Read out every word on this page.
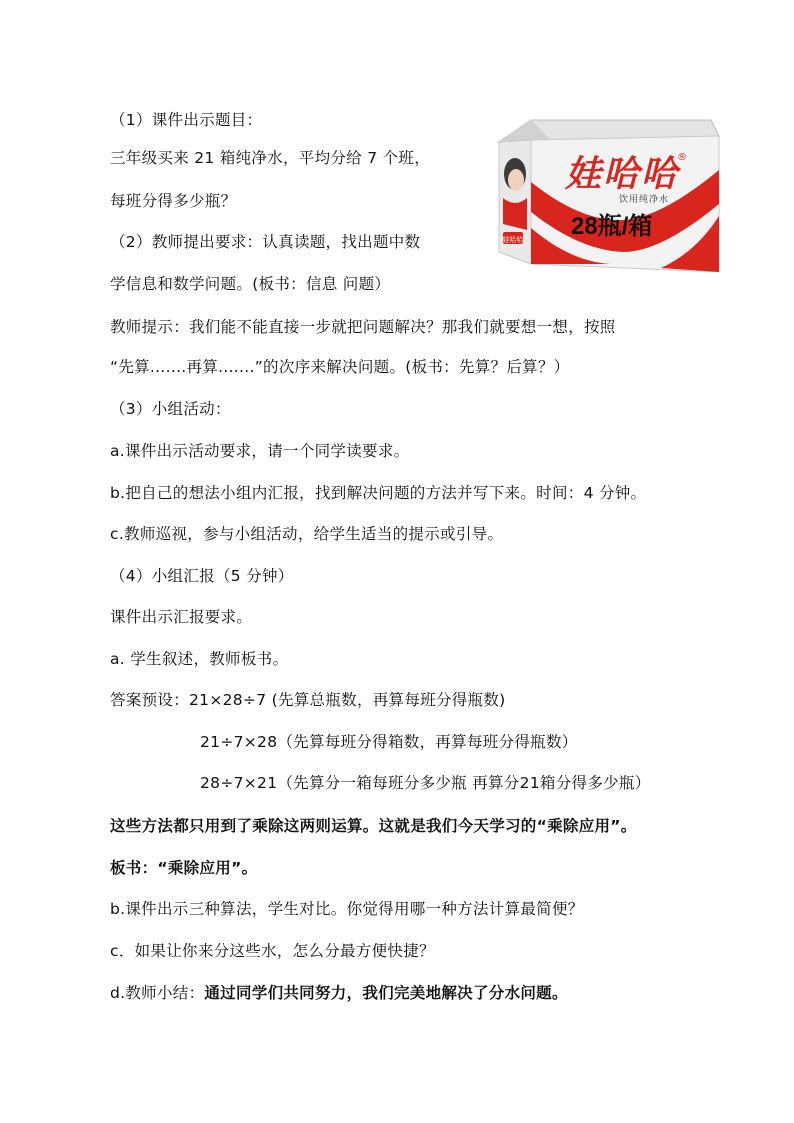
（1）课件出示题目：
三年级买来 21 箱纯净水，平均分给 7 个班，
每班分得多少瓶？
（2）教师提出要求：认真读题，找出题中数
学信息和数学问题。(板书：信息 问题）
教师提示：我们能不能直接一步就把问题解决？那我们就要想一想，按照
“先算.......再算.......”的次序来解决问题。(板书：先算？后算？）
（3）小组活动：
a.课件出示活动要求，请一个同学读要求。
b.把自己的想法小组内汇报，找到解决问题的方法并写下来。时间：4 分钟。
c.教师巡视，参与小组活动，给学生适当的提示或引导。
（4）小组汇报（5 分钟）
课件出示汇报要求。
a. 学生叙述，教师板书。
答案预设：21×28÷7 (先算总瓶数，再算每班分得瓶数)
21÷7×28（先算每班分得箱数，再算每班分得瓶数）
28÷7×21（先算分一箱每班分多少瓶 再算分21箱分得多少瓶）
这些方法都只用到了乘除这两则运算。这就是我们今天学习的“乘除应用”。
板书：“乘除应用”。
b.课件出示三种算法，学生对比。你觉得用哪一种方法计算最简便？
c．如果让你来分这些水，怎么分最方便快捷？
d.教师小结：通过同学们共同努力，我们完美地解决了分水问题。
娃哈哈
娃哈哈
®
饮用纯净水
28瓶/箱
